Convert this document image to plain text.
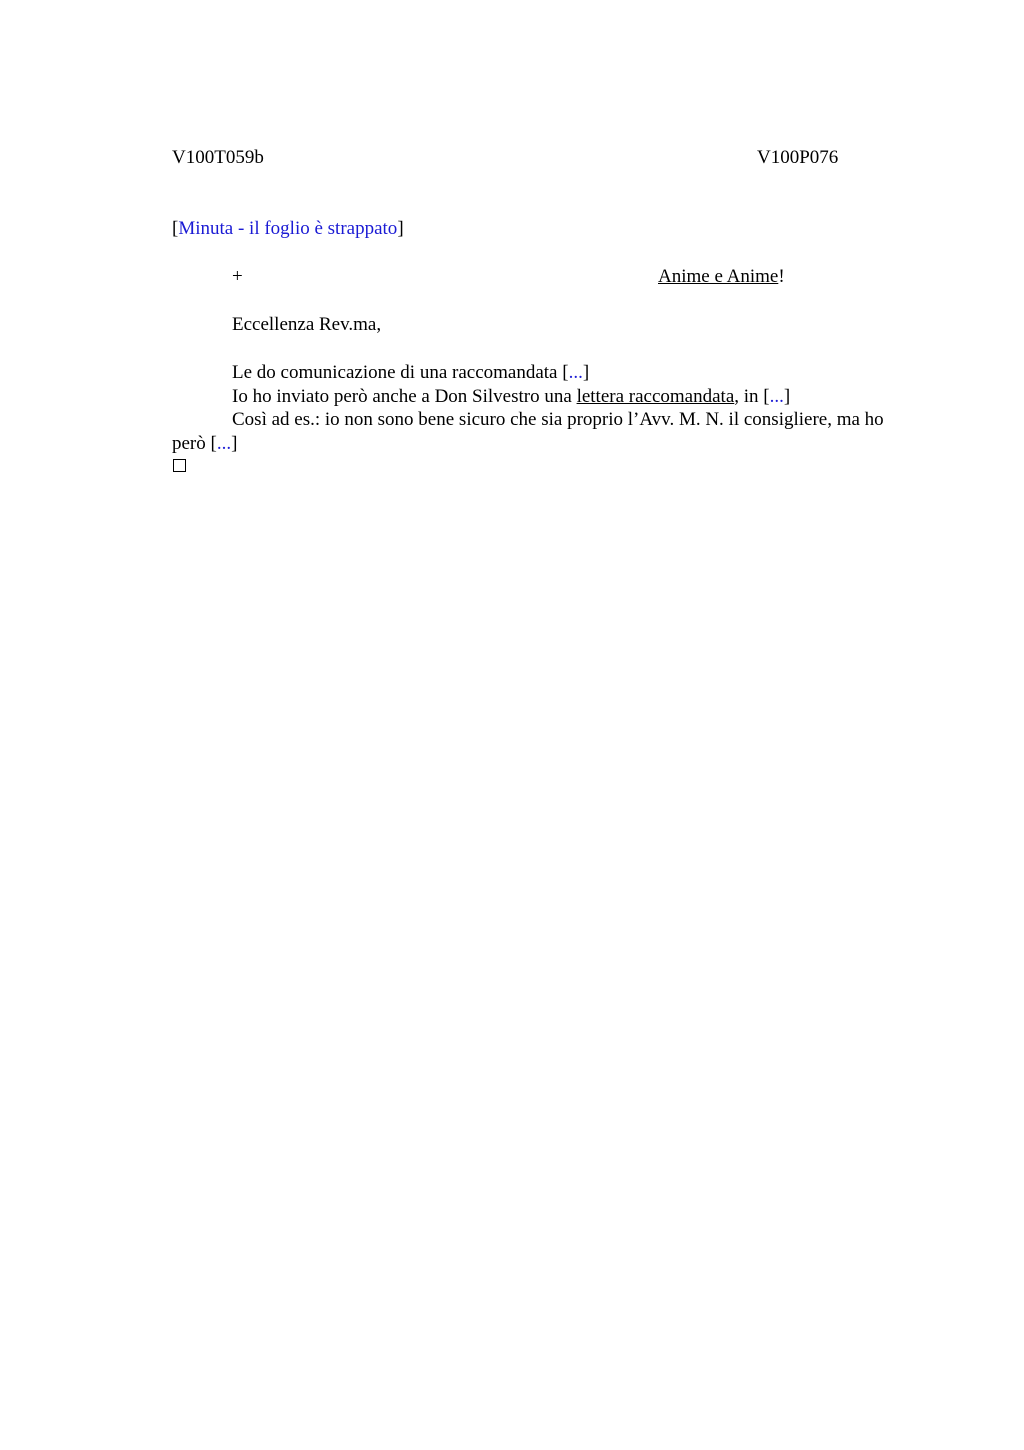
V100T059b	V100P076
[Minuta - il foglio è strappato]
+	Anime e Anime!
Eccellenza Rev.ma,

Le do comunicazione di una raccomandata [...]

Io ho inviato però anche a Don Silvestro una lettera raccomandata, in [...]

Così ad es.: io non sono bene sicuro che sia proprio l’Avv. M. N. il consigliere, ma ho però [...]
